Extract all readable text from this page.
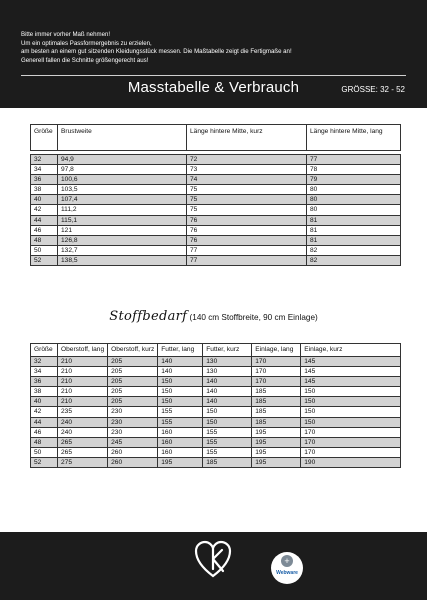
Bitte immer vorher Maß nehmen!
Um ein optimales Passformergebnis zu erzielen,
am besten an einem gut sitzenden Kleidungsstück messen. Die Maßtabelle zeigt die Fertigmaße an!
Generell fallen die Schnitte größengerecht aus!
Masstabelle & Verbrauch	GRÖSSE: 32 - 52
Größe	Brustweite	Länge hintere Mitte, kurz	Länge hintere Mitte, lang

32	94,9	72	77
34	97,8	73	78
36	100,6	74	79
38	103,5	75	80
40	107,4	75	80
42	111,2	75	80
44	115,1	76	81
46	121	76	81
48	126,8	76	81
50	132,7	77	82
52	138,5	77	82
Stoffbedarf (140 cm Stoffbreite, 90 cm Einlage)
Größe	Oberstoff, lang	Oberstoff, kurz	Futter, lang	Futter, kurz	Einlage, lang	Einlage, kurz
32	210	205	140	130	170	145
34	210	205	140	130	170	145
36	210	205	150	140	170	145
38	210	205	150	140	185	150
40	210	205	150	140	185	150
42	235	230	155	150	185	150
44	240	230	155	150	185	150
46	240	230	160	155	195	170
48	265	245	160	155	195	170
50	265	260	160	155	195	170
52	275	260	195	185	195	190
+
Webware
